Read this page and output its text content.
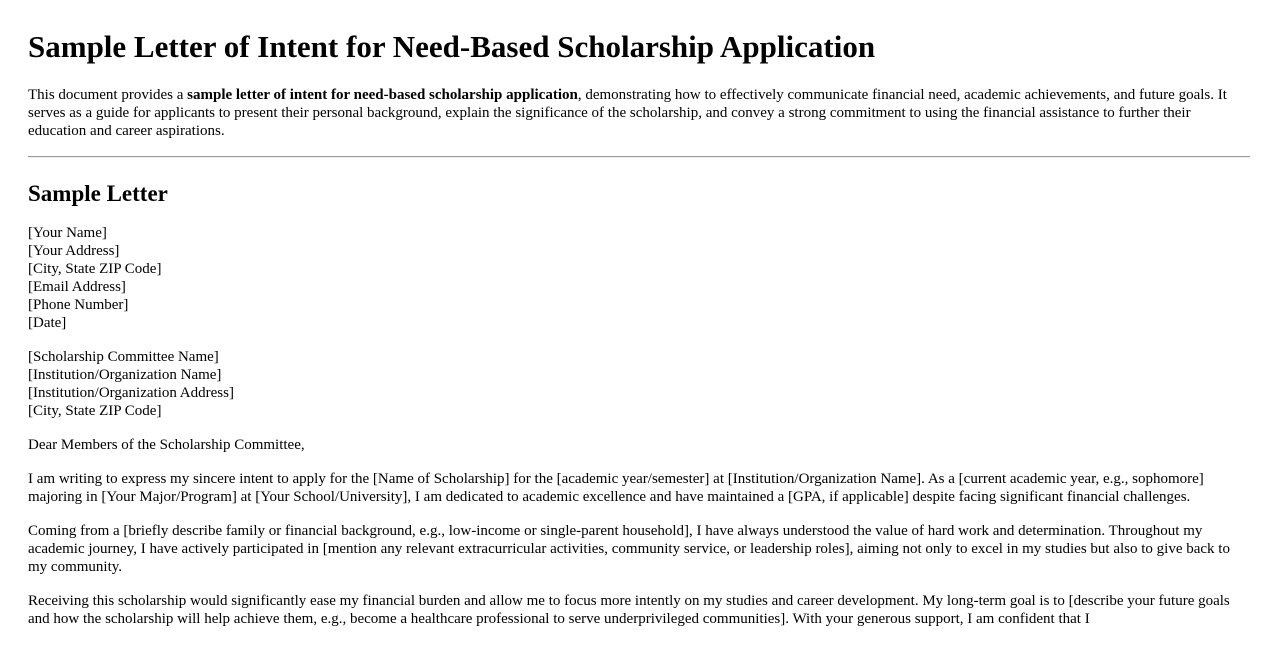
Sample Letter of Intent for Need-Based Scholarship Application
This document provides a sample letter of intent for need-based scholarship application, demonstrating how to effectively communicate financial need, academic achievements, and future goals. It serves as a guide for applicants to present their personal background, explain the significance of the scholarship, and convey a strong commitment to using the financial assistance to further their education and career aspirations.
Sample Letter
[Your Name]
[Your Address]
[City, State ZIP Code]
[Email Address]
[Phone Number]
[Date]
[Scholarship Committee Name]
[Institution/Organization Name]
[Institution/Organization Address]
[City, State ZIP Code]

Dear Members of the Scholarship Committee,

I am writing to express my sincere intent to apply for the [Name of Scholarship] for the [academic year/semester] at [Institution/Organization Name]. As a [current academic year, e.g., sophomore] majoring in [Your Major/Program] at [Your School/University], I am dedicated to academic excellence and have maintained a [GPA, if applicable] despite facing significant financial challenges.

Coming from a [briefly describe family or financial background, e.g., low-income or single-parent household], I have always understood the value of hard work and determination. Throughout my academic journey, I have actively participated in [mention any relevant extracurricular activities, community service, or leadership roles], aiming not only to excel in my studies but also to give back to my community.

Receiving this scholarship would significantly ease my financial burden and allow me to focus more intently on my studies and career development. My long-term goal is to [describe your future goals and how the scholarship will help achieve them, e.g., become a healthcare professional to serve underprivileged communities]. With your generous support, I am confident that I
